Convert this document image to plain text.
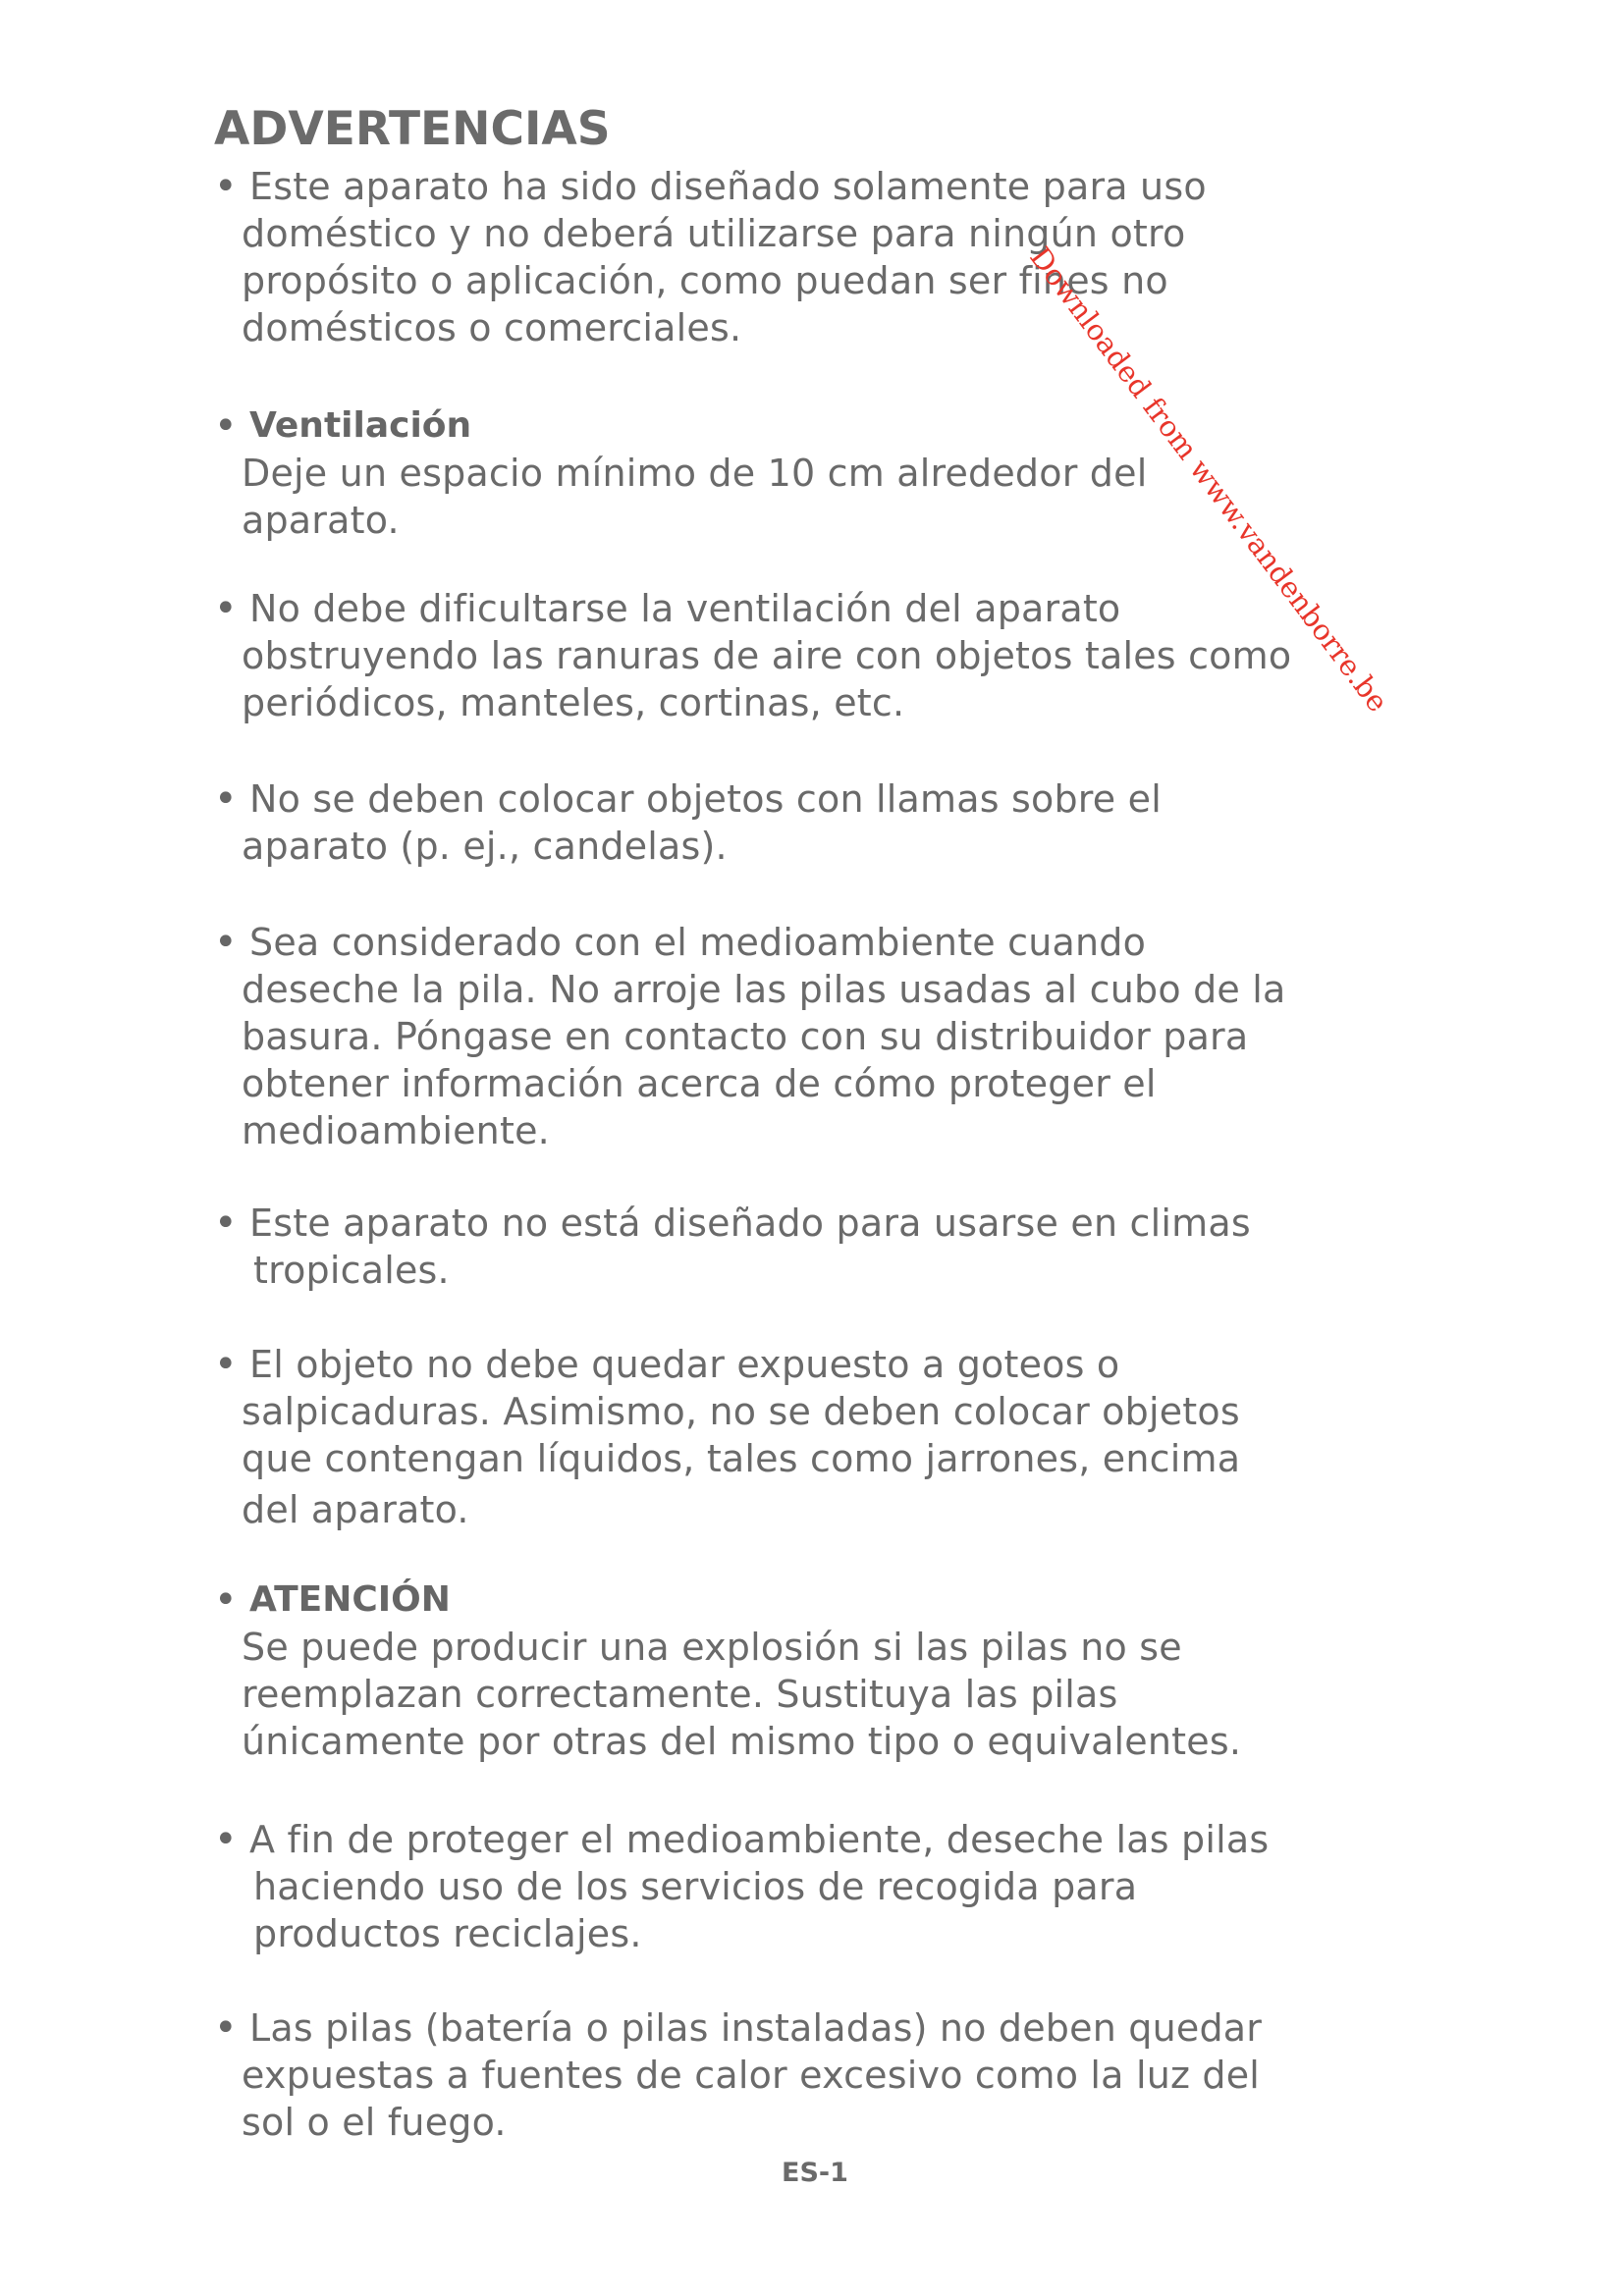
ADVERTENCIAS
• Este aparato ha sido diseñado solamente para uso
doméstico y no deberá utilizarse para ningún otro
propósito o aplicación, como puedan ser fines no
domésticos o comerciales.
• Ventilación
Deje un espacio mínimo de 10 cm alrededor del
aparato.
• No debe dificultarse la ventilación del aparato
obstruyendo las ranuras de aire con objetos tales como
periódicos, manteles, cortinas, etc.
• No se deben colocar objetos con llamas sobre el
aparato (p. ej., candelas).
• Sea considerado con el medioambiente cuando
deseche la pila. No arroje las pilas usadas al cubo de la
basura. Póngase en contacto con su distribuidor para
obtener información acerca de cómo proteger el
medioambiente.
• Este aparato no está diseñado para usarse en climas
tropicales.
• El objeto no debe quedar expuesto a goteos o
salpicaduras. Asimismo, no se deben colocar objetos
que contengan líquidos, tales como jarrones, encima
del aparato.
• ATENCIÓN
Se puede producir una explosión si las pilas no se
reemplazan correctamente. Sustituya las pilas
únicamente por otras del mismo tipo o equivalentes.
• A fin de proteger el medioambiente, deseche las pilas
haciendo uso de los servicios de recogida para
productos reciclajes.
• Las pilas (batería o pilas instaladas) no deben quedar
expuestas a fuentes de calor excesivo como la luz del
sol o el fuego.
Downloaded from www.vandenborre.be
ES-1
